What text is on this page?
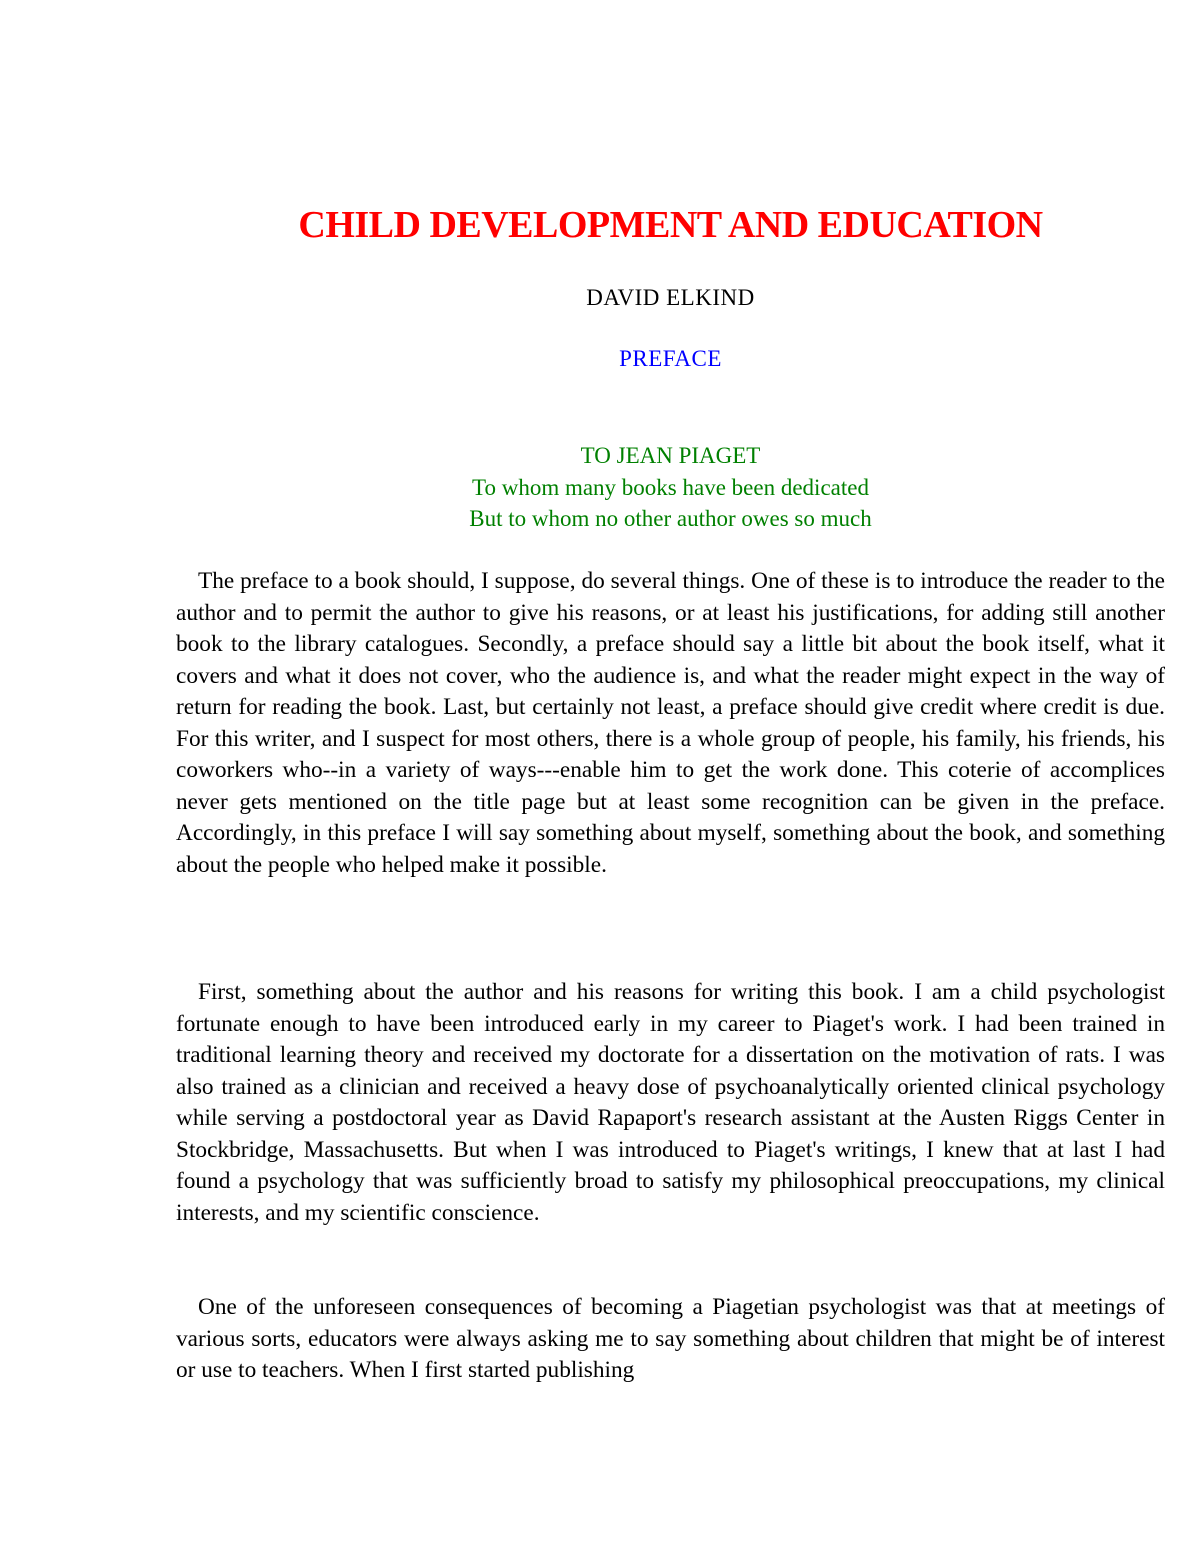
CHILD DEVELOPMENT AND EDUCATION

DAVID ELKIND

PREFACE

TO JEAN PIAGET
To whom many books have been dedicated
But to whom no other author owes so much

The preface to a book should, I suppose, do several things. One of these is to introduce the reader to the author and to permit the author to give his reasons, or at least his justifications, for adding still another book to the library catalogues. Secondly, a preface should say a little bit about the book itself, what it covers and what it does not cover, who the audience is, and what the reader might expect in the way of return for reading the book. Last, but certainly not least, a preface should give credit where credit is due. For this writer, and I suspect for most others, there is a whole group of people, his family, his friends, his coworkers who--in a variety of ways---enable him to get the work done. This coterie of accomplices never gets mentioned on the title page but at least some recognition can be given in the preface. Accordingly, in this preface I will say something about myself, something about the book, and something about the people who helped make it possible.

First, something about the author and his reasons for writing this book. I am a child psychologist fortunate enough to have been introduced early in my career to Piaget's work. I had been trained in traditional learning theory and received my doctorate for a dissertation on the motivation of rats. I was also trained as a clinician and received a heavy dose of psychoanalytically oriented clinical psychology while serving a postdoctoral year as David Rapaport's research assistant at the Austen Riggs Center in Stockbridge, Massachusetts. But when I was introduced to Piaget's writings, I knew that at last I had found a psychology that was sufficiently broad to satisfy my philosophical preoccupations, my clinical interests, and my scientific conscience.

One of the unforeseen consequences of becoming a Piagetian psychologist was that at meetings of various sorts, educators were always asking me to say something about children that might be of interest or use to teachers. When I first started publishing
